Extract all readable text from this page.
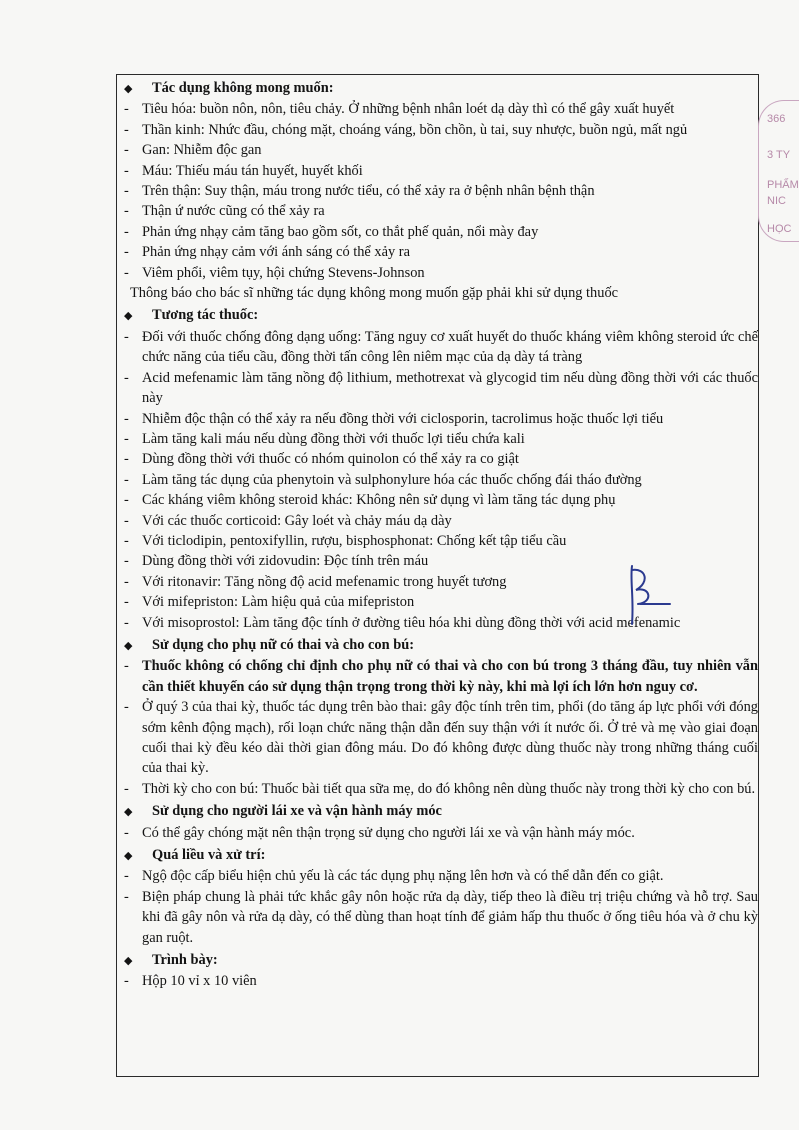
◆	Tác dụng không mong muốn:
- Tiêu hóa: buồn nôn, nôn, tiêu chảy. Ở những bệnh nhân loét dạ dày thì có thể gây xuất huyết
- Thần kinh: Nhức đầu, chóng mặt, choáng váng, bồn chồn, ù tai, suy nhược, buồn ngủ, mất ngủ
- Gan: Nhiễm độc gan
- Máu: Thiếu máu tán huyết, huyết khối
- Trên thận: Suy thận, máu trong nước tiểu, có thể xảy ra ở bệnh nhân bệnh thận
- Thận ứ nước cũng có thể xảy ra
- Phản ứng nhạy cảm tăng bao gồm sốt, co thắt phế quản, nổi mày đay
- Phản ứng nhạy cảm với ánh sáng có thể xảy ra
- Viêm phổi, viêm tụy, hội chứng Stevens-Johnson
Thông báo cho bác sĩ những tác dụng không mong muốn gặp phải khi sử dụng thuốc
◆	Tương tác thuốc:
- Đối với thuốc chống đông dạng uống: Tăng nguy cơ xuất huyết do thuốc kháng viêm không steroid ức chế chức năng của tiểu cầu, đồng thời tấn công lên niêm mạc của dạ dày tá tràng
- Acid mefenamic làm tăng nồng độ lithium, methotrexat và glycogid tim nếu dùng đồng thời với các thuốc này
- Nhiễm độc thận có thể xảy ra nếu đồng thời với ciclosporin, tacrolimus hoặc thuốc lợi tiểu
- Làm tăng kali máu nếu dùng đồng thời với thuốc lợi tiểu chứa kali
- Dùng đồng thời với thuốc có nhóm quinolon có thể xảy ra co giật
- Làm tăng tác dụng của phenytoin và sulphonylure hóa các thuốc chống đái tháo đường
- Các kháng viêm không steroid khác: Không nên sử dụng vì làm tăng tác dụng phụ
- Với các thuốc corticoid: Gây loét và chảy máu dạ dày
- Với ticlodipin, pentoxifyllin, rượu, bisphosphonat: Chống kết tập tiểu cầu
- Dùng đồng thời với zidovudin: Độc tính trên máu
- Với ritonavir: Tăng nồng độ acid mefenamic trong huyết tương
- Với mifepriston: Làm hiệu quả của mifepriston
- Với misoprostol: Làm tăng độc tính ở đường tiêu hóa khi dùng đồng thời với acid mefenamic
◆	Sử dụng cho phụ nữ có thai và cho con bú:
- Thuốc không có chống chỉ định cho phụ nữ có thai và cho con bú trong 3 tháng đầu, tuy nhiên vẫn cần thiết khuyến cáo sử dụng thận trọng trong thời kỳ này, khi mà lợi ích lớn hơn nguy cơ.
- Ở quý 3 của thai kỳ, thuốc tác dụng trên bào thai: gây độc tính trên tim, phổi (do tăng áp lực phổi với đóng sớm kênh động mạch), rối loạn chức năng thận dẫn đến suy thận với ít nước ối. Ở trẻ và mẹ vào giai đoạn cuối thai kỳ đều kéo dài thời gian đông máu. Do đó không được dùng thuốc này trong những tháng cuối của thai kỳ.
- Thời kỳ cho con bú: Thuốc bài tiết qua sữa mẹ, do đó không nên dùng thuốc này trong thời kỳ cho con bú.
◆	Sử dụng cho người lái xe và vận hành máy móc
- Có thể gây chóng mặt nên thận trọng sử dụng cho người lái xe và vận hành máy móc.
◆	Quá liều và xử trí:
- Ngộ độc cấp biểu hiện chủ yếu là các tác dụng phụ nặng lên hơn và có thể dẫn đến co giật.
- Biện pháp chung là phải tức khắc gây nôn hoặc rửa dạ dày, tiếp theo là điều trị triệu chứng và hỗ trợ. Sau khi đã gây nôn và rửa dạ dày, có thể dùng than hoạt tính để giảm hấp thu thuốc ở ống tiêu hóa và ở chu kỳ gan ruột.
◆	Trình bày:
- Hộp 10 vỉ x 10 viên
366
3 TY
PHẨM
NIC
HỌC
